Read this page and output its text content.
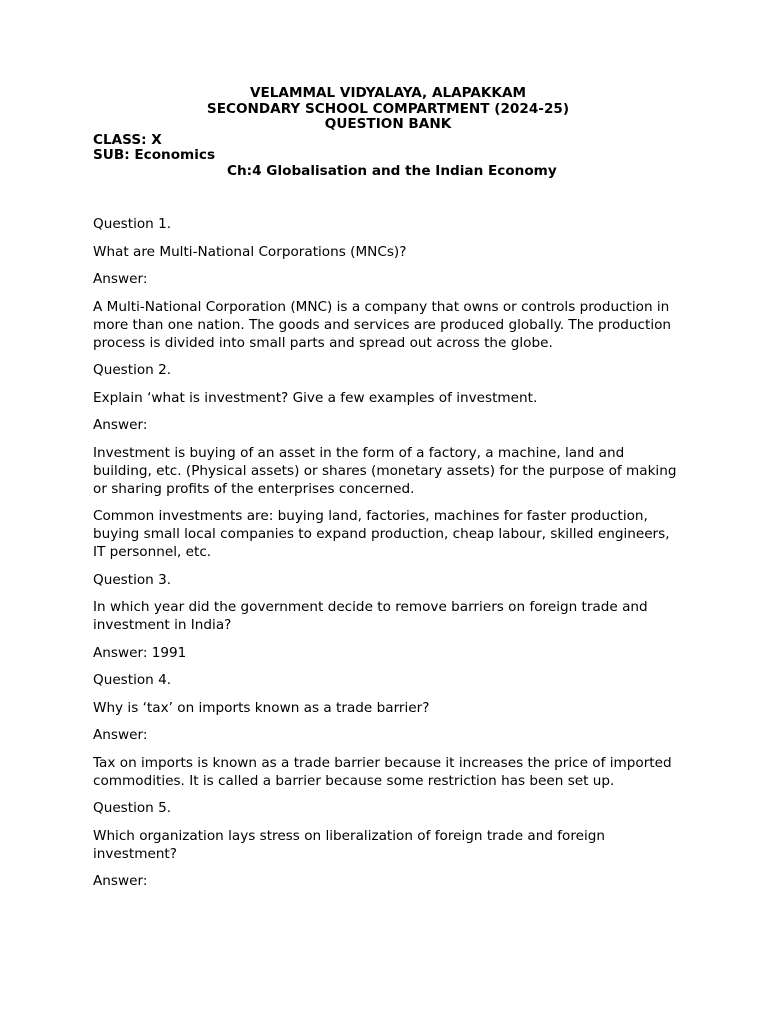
VELAMMAL VIDYALAYA, ALAPAKKAM

SECONDARY SCHOOL COMPARTMENT (2024-25)

QUESTION BANK

CLASS: X

SUB: Economics

Ch:4 Globalisation and the Indian Economy

Question 1.

What are Multi-National Corporations (MNCs)?

Answer:

A Multi-National Corporation (MNC) is a company that owns or controls production in more than one nation. The goods and services are produced globally. The production process is divided into small parts and spread out across the globe.

Question 2.

Explain ‘what is investment? Give a few examples of investment.

Answer:

Investment is buying of an asset in the form of a factory, a machine, land and building, etc. (Physical assets) or shares (monetary assets) for the purpose of making or sharing profits of the enterprises concerned.

Common investments are: buying land, factories, machines for faster production, buying small local companies to expand production, cheap labour, skilled engineers, IT personnel, etc.

Question 3.

In which year did the government decide to remove barriers on foreign trade and investment in India?

Answer: 1991

Question 4.

Why is ‘tax’ on imports known as a trade barrier?

Answer:

Tax on imports is known as a trade barrier because it increases the price of imported commodities. It is called a barrier because some restriction has been set up.

Question 5.

Which organization lays stress on liberalization of foreign trade and foreign investment?

Answer:
